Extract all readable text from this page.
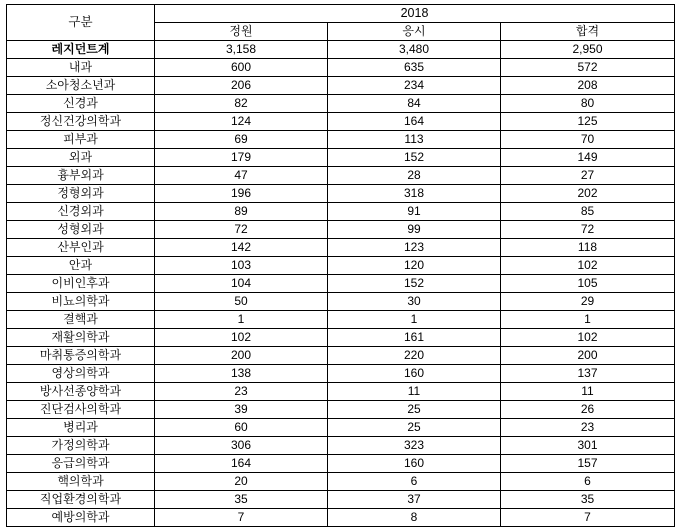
구분	2018			
	정원	응시	합격	
레지던트계	3,158	3,480	2,950	
내과	600	635	572	
소아청소년과	206	234	208	
신경과	82	84	80	
정신건강의학과	124	164	125	
피부과	69	113	70	
외과	179	152	149	
흉부외과	47	28	27	
정형외과	196	318	202	
신경외과	89	91	85	
성형외과	72	99	72	
산부인과	142	123	118	
안과	103	120	102	
이비인후과	104	152	105	
비뇨의학과	50	30	29	
결핵과	1	1	1	
재활의학과	102	161	102	
마취통증의학과	200	220	200	
영상의학과	138	160	137	
방사선종양학과	23	11	11	
진단검사의학과	39	25	26	
병리과	60	25	23	
가정의학과	306	323	301	
응급의학과	164	160	157	
핵의학과	20	6	6	
직업환경의학과	35	37	35	
예방의학과	7	8	7	
